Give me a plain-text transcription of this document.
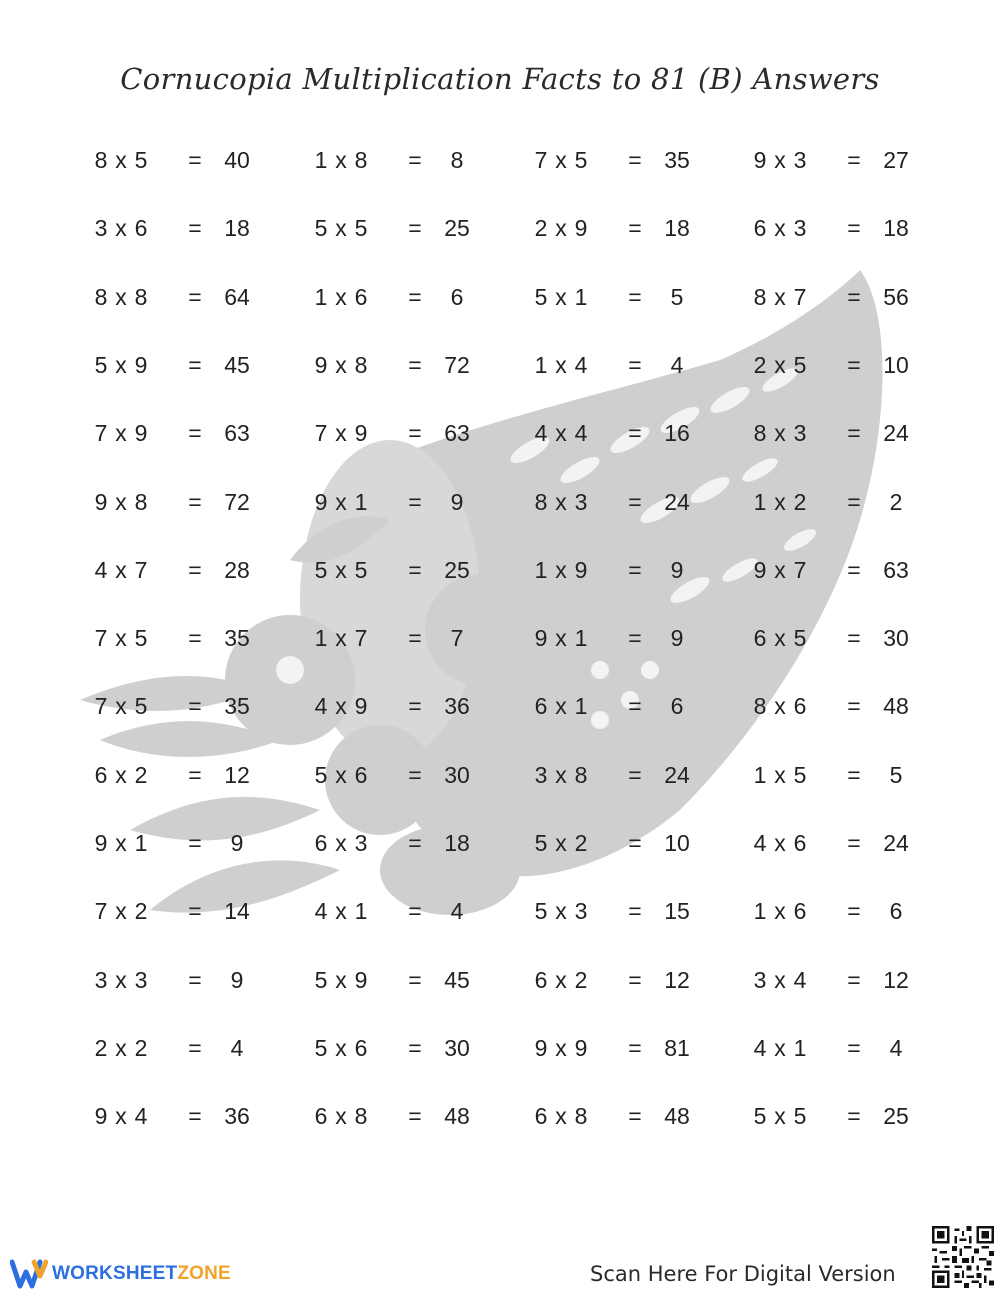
Cornucopia Multiplication Facts to 81 (B) Answers
8 x 5 = 40
3 x 6 = 18
8 x 8 = 64
5 x 9 = 45
7 x 9 = 63
9 x 8 = 72
4 x 7 = 28
7 x 5 = 35
7 x 5 = 35
6 x 2 = 12
9 x 1 =	9
7 x 2 = 14
3 x 3 =	9
2 x 2 =	4
9 x 4 = 36
1 x 8 =	8
5 x 5 = 25
1 x 6 =	6
9 x 8 = 72
7 x 9 = 63
9 x 1 =	9
5 x 5 = 25
1 x 7 =	7
4 x 9 = 36
5 x 6 = 30
6 x 3 = 18
4 x 1 =	4
5 x 9 = 45
5 x 6 = 30
6 x 8 = 48
7 x 5 = 35
2 x 9 = 18
5 x 1 =	5
1 x 4 =	4
4 x 4 = 16
8 x 3 = 24
1 x 9 =	9
9 x 1 =	9
6 x 1 =	6
3 x 8 = 24
5 x 2 = 10
5 x 3 = 15
6 x 2 = 12
9 x 9 = 81
6 x 8 = 48
9 x 3 = 27
6 x 3 = 18
8 x 7 = 56
2 x 5 = 10
8 x 3 = 24
1 x 2 =	2
9 x 7 = 63
6 x 5 = 30
8 x 6 = 48
1 x 5 =	5
4 x 6 = 24
1 x 6 =	6
3 x 4 = 12
4 x 1 =	4
5 x 5 = 25
WORKSHEETZONE	Scan Here For Digital Version
